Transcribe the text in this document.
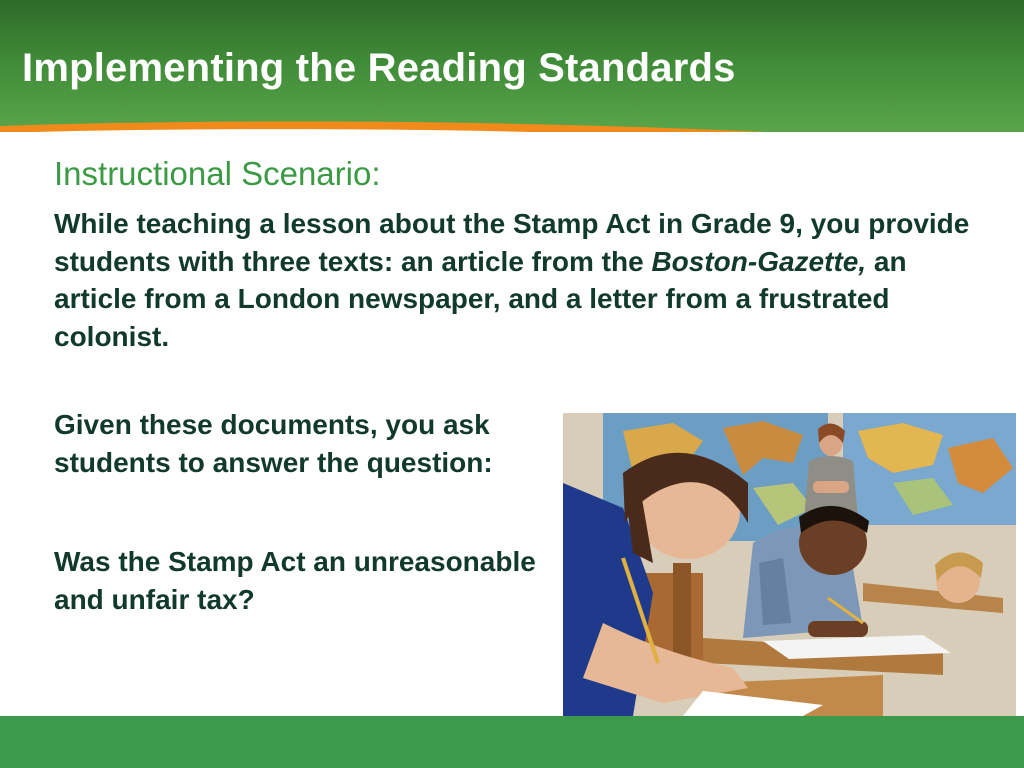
Implementing the Reading Standards
Instructional Scenario:

While teaching a lesson about the Stamp Act in Grade 9, you provide students with three texts: an article from the Boston-Gazette, an article from a London newspaper, and a letter from a frustrated colonist.

Given these documents, you ask students to answer the question:

Was the Stamp Act an unreasonable and unfair tax?
